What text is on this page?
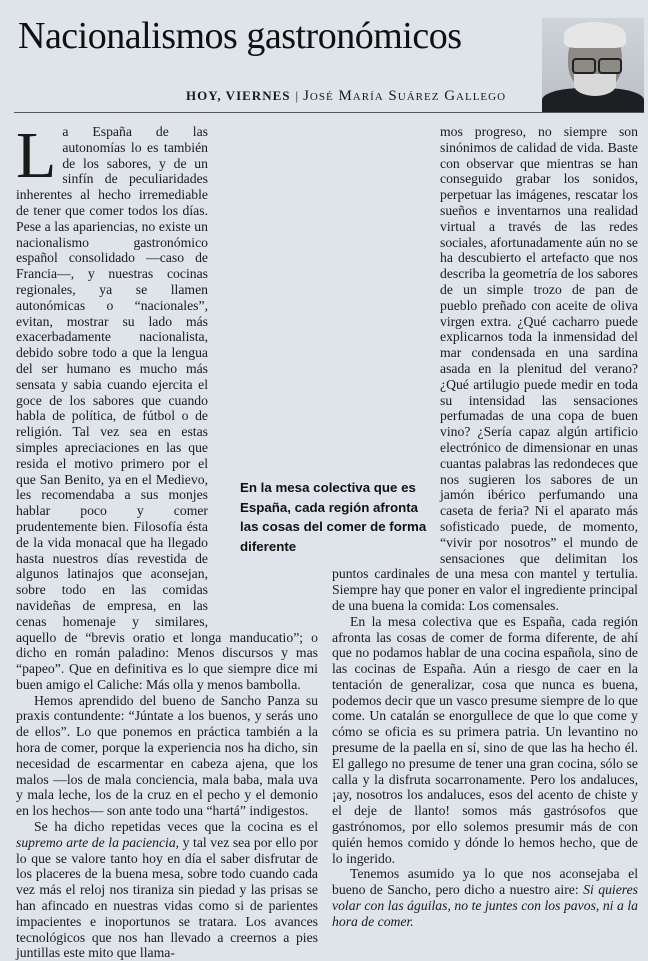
Nacionalismos gastronómicos
HOY, VIERNES | José María Suárez Gallego
L a España de las autonomías lo es también de los sabores, y de un sinfín de peculiaridades inherentes al hecho irremediable de tener que comer todos los días. Pese a las apariencias, no existe un nacionalismo gastronómico español consolidado —caso de Francia—, y nuestras cocinas regionales, ya se llamen autonómicas o “nacionales”, evitan, mostrar su lado más exacerbadamente nacionalista, debido sobre todo a que la lengua del ser humano es mucho más sensata y sabia cuando ejercita el goce de los sabores que cuando habla de política, de fútbol o de religión. Tal vez sea en estas simples apreciaciones en las que resida el motivo primero por el que San Benito, ya en el Medievo, les recomendaba a sus monjes hablar poco y comer prudentemente bien. Filosofía ésta de la vida monacal que ha llegado hasta nuestros días revestida de algunos latinajos que aconsejan, sobre todo en las comidas navideñas de empresa, en las cenas homenaje y similares, aquello de “brevis oratio et longa manducatio”; o dicho en román paladino: Menos discursos y mas “papeo”. Que en definitiva es lo que siempre dice mi buen amigo el Caliche: Más olla y menos bambolla.

Hemos aprendido del bueno de Sancho Panza su praxis contundente: “Júntate a los buenos, y serás uno de ellos”. Lo que ponemos en práctica también a la hora de comer, porque la experiencia nos ha dicho, sin necesidad de escarmentar en cabeza ajena, que los malos —los de mala conciencia, mala baba, mala uva y mala leche, los de la cruz en el pecho y el demonio en los hechos— son ante todo una “hartá” indigestos.

Se ha dicho repetidas veces que la cocina es el supremo arte de la paciencia, y tal vez sea por ello por lo que se valore tanto hoy en día el saber disfrutar de los placeres de la buena mesa, sobre todo cuando cada vez más el reloj nos tiraniza sin piedad y las prisas se han afincado en nuestras vidas como si de parientes impacientes e inoportunos se tratara. Los avances tecnológicos que nos han llevado a creernos a pies juntillas este mito que llama-

mos progreso, no siempre son sinónimos de calidad de vida. Baste con observar que mientras se han conseguido grabar los sonidos, perpetuar las imágenes, rescatar los sueños e inventarnos una realidad virtual a través de las redes sociales, afortunadamente aún no se ha descubierto el artefacto que nos describa la geometría de los sabores de un simple trozo de pan de pueblo preñado con aceite de oliva virgen extra. ¿Qué cacharro puede explicarnos toda la inmensidad del mar condensada en una sardina asada en la plenitud del verano? ¿Qué artilugio puede medir en toda su intensidad las sensaciones perfumadas de una copa de buen vino? ¿Sería capaz algún artificio electrónico de dimensionar en unas cuantas palabras las redondeces que nos sugieren los sabores de un jamón ibérico perfumando una caseta de feria? Ni el aparato más sofisticado puede, de momento, “vivir por nosotros” el mundo de sensaciones que delimitan los puntos cardinales de una mesa con mantel y tertulia. Siempre hay que poner en valor el ingrediente principal de una buena la comida: Los comensales.

En la mesa colectiva que es España, cada región afronta las cosas de comer de forma diferente, de ahí que no podamos hablar de una cocina española, sino de las cocinas de España. Aún a riesgo de caer en la tentación de generalizar, cosa que nunca es buena, podemos decir que un vasco presume siempre de lo que come. Un catalán se enorgullece de que lo que come y cómo se oficia es su primera patria. Un levantino no presume de la paella en sí, sino de que las ha hecho él. El gallego no presume de tener una gran cocina, sólo se calla y la disfruta socarronamente. Pero los andaluces, ¡ay, nosotros los andaluces, esos del acento de chiste y el deje de llanto! somos más gastrósofos que gastrónomos, por ello solemos presumir más de con quién hemos comido y dónde lo hemos hecho, que de lo ingerido.

Tenemos asumido ya lo que nos aconsejaba el bueno de Sancho, pero dicho a nuestro aire: Si quieres volar con las águilas, no te juntes con los pavos, ni a la hora de comer.

En la mesa colectiva que es España, cada región afronta las cosas del comer de forma diferente
